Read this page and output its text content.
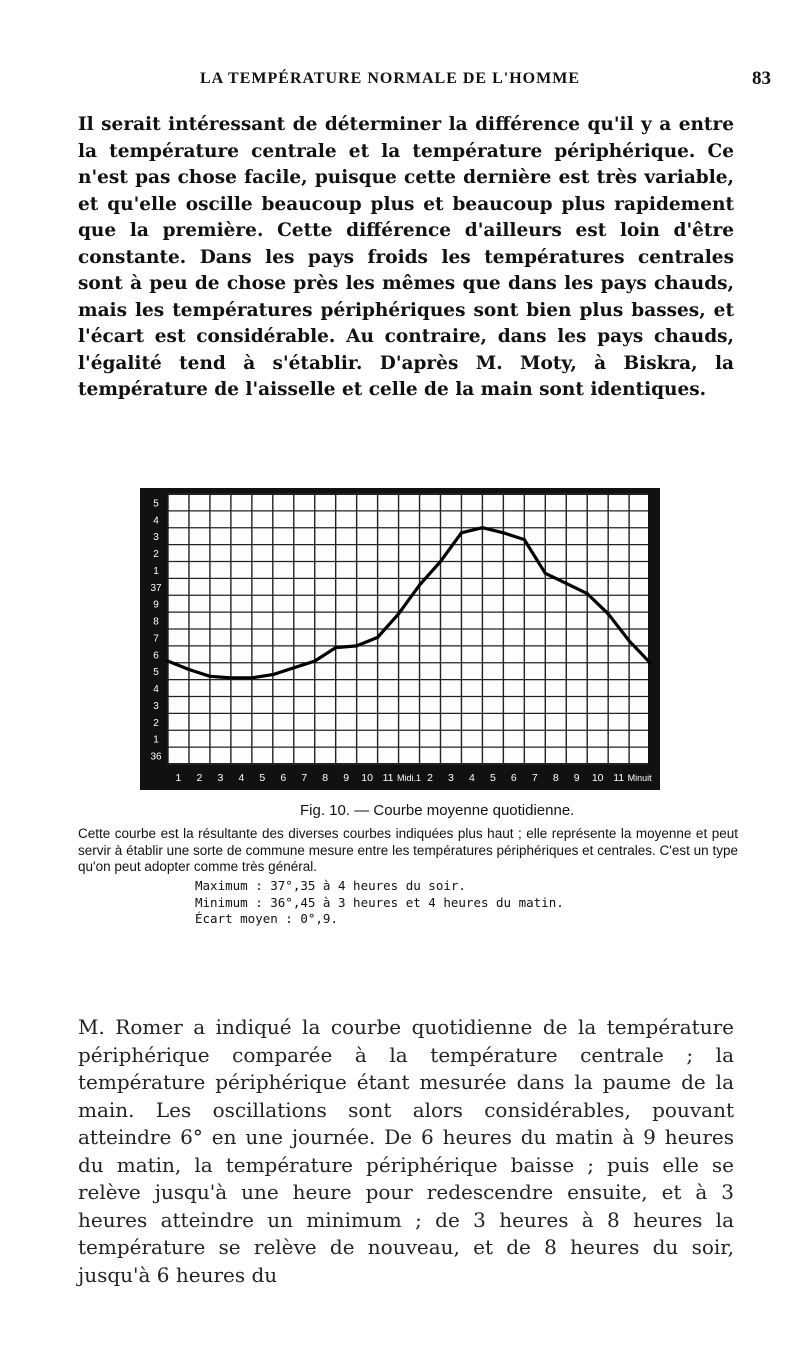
LA TEMPÉRATURE NORMALE DE L'HOMME	83

Il serait intéressant de déterminer la différence qu'il y a entre la température centrale et la température périphérique. Ce n'est pas chose facile, puisque cette dernière est très variable, et qu'elle oscille beaucoup plus et beaucoup plus rapidement que la première. Cette différence d'ailleurs est loin d'être constante. Dans les pays froids les températures centrales sont à peu de chose près les mêmes que dans les pays chauds, mais les températures périphériques sont bien plus basses, et l'écart est considérable. Au contraire, dans les pays chauds, l'égalité tend à s'établir. D'après M. Moty, à Biskra, la température de l'aisselle et celle de la main sont identiques.

36
1
2
3
4
5
6
7
8
9
37
1
2
3
4
5
1 2 3 4 5 6 7 8 9 10 11 Midi.1 2 3 4 5 6 7 8 9 10 11 Minuit
Fig. 10. — Courbe moyenne quotidienne.

Cette courbe est la résultante des diverses courbes indiquées plus haut ; elle représente la moyenne et peut servir à établir une sorte de commune mesure entre les températures périphériques et centrales. C'est un type qu'on peut adopter comme très général.

Maximum : 37°,35 à 4 heures du soir.
Minimum : 36°,45 à 3 heures et 4 heures du matin.
Écart moyen : 0°,9.

M. Romer a indiqué la courbe quotidienne de la température périphérique comparée à la température centrale ; la température périphérique étant mesurée dans la paume de la main. Les oscillations sont alors considérables, pouvant atteindre 6° en une journée. De 6 heures du matin à 9 heures du matin, la température périphérique baisse ; puis elle se relève jusqu'à une heure pour redescendre ensuite, et à 3 heures atteindre un minimum ; de 3 heures à 8 heures la température se relève de nouveau, et de 8 heures du soir, jusqu'à 6 heures du
